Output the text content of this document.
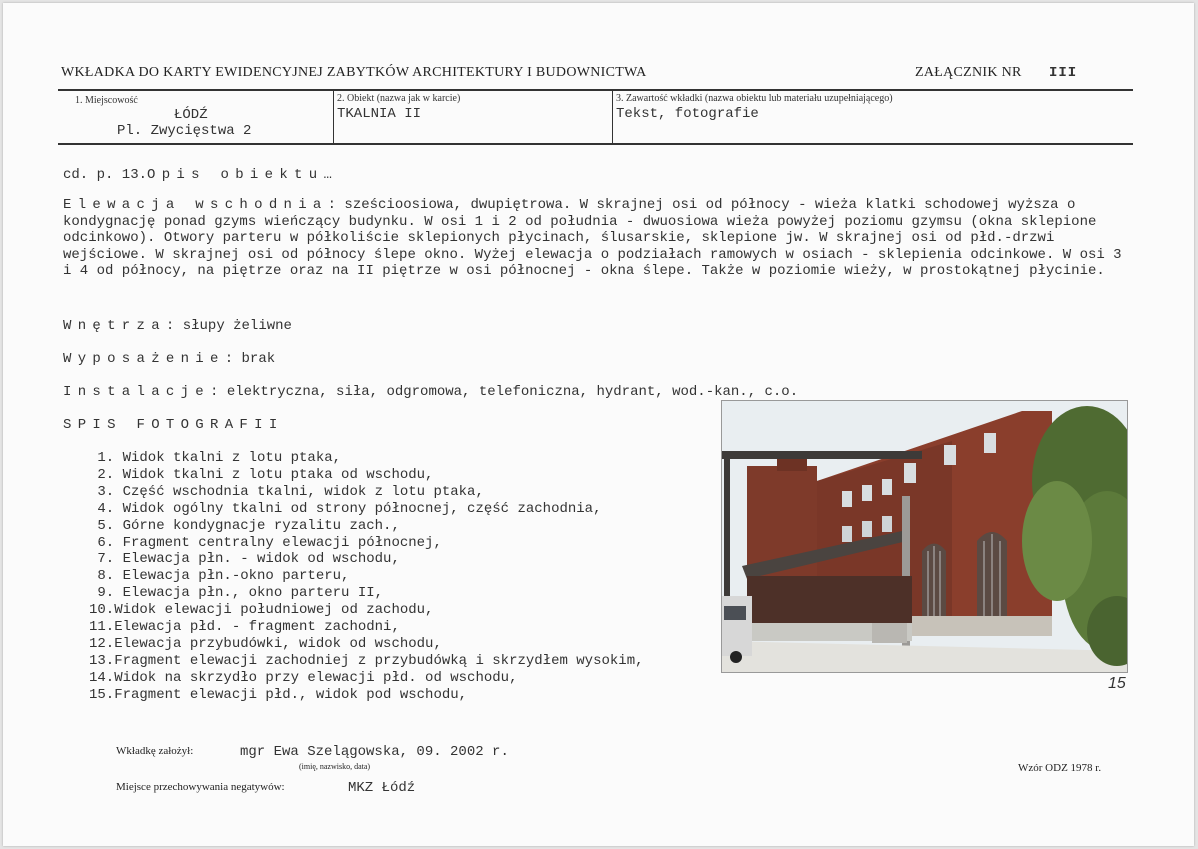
WKŁADKA DO KARTY EWIDENCYJNEJ ZABYTKÓW ARCHITEKTURY I BUDOWNICTWA	ZAŁĄCZNIK NR III
1. Miejscowość
ŁÓDŹ
Pl. Zwycięstwa 2
2. Obiekt (nazwa jak w karcie)
TKALNIA II
3. Zawartość wkładki (nazwa obiektu lub materiału uzupełniającego)
Tekst, fotografie
cd. p. 13.Opis obiektu…
Elewacja wschodnia: sześcioosiowa, dwupiętrowa. W skrajnej osi od północy - wieża klatki schodowej wyższa o kondygnację ponad gzyms wieńczący budynku. W osi 1 i 2 od południa - dwuosiowa wieża powyżej poziomu gzymsu (okna sklepione odcinkowo). Otwory parteru w półkoliście sklepionych płycinach, ślusarskie, sklepione jw. W skrajnej osi od płd.-drzwi wejściowe. W skrajnej osi od północy ślepe okno. Wyżej elewacja o podziałach ramowych w osiach - sklepienia odcinkowe. W osi 3 i 4 od północy, na piętrze oraz na II piętrze w osi północnej - okna ślepe. Także w poziomie wieży, w prostokątnej płycinie.
Wnętrza: słupy żeliwne
Wyposażenie: brak
Instalacje: elektryczna, siła, odgromowa, telefoniczna, hydrant, wod.-kan., c.o.
SPIS FOTOGRAFII
1. Widok tkalni z lotu ptaka,
2. Widok tkalni z lotu ptaka od wschodu,
3. Część wschodnia tkalni, widok z lotu ptaka,
4. Widok ogólny tkalni od strony północnej, część zachodnia,
5. Górne kondygnacje ryzalitu zach.,
6. Fragment centralny elewacji północnej,
7. Elewacja płn. - widok od wschodu,
8. Elewacja płn.-okno parteru,
9. Elewacja płn., okno parteru II,
10.Widok elewacji południowej od zachodu,
11.Elewacja płd. - fragment zachodni,
12.Elewacja przybudówki, widok od wschodu,
13.Fragment elewacji zachodniej z przybudówką i skrzydłem wysokim,
14.Widok na skrzydło przy elewacji płd. od wschodu,
15.Fragment elewacji płd., widok pod wschodu,
15
Wkładkę założył:	mgr Ewa Szelągowska, 09. 2002 r.
(imię, nazwisko, data)
Miejsce przechowywania negatywów:	MKZ Łódź
Wzór ODZ 1978 r.
